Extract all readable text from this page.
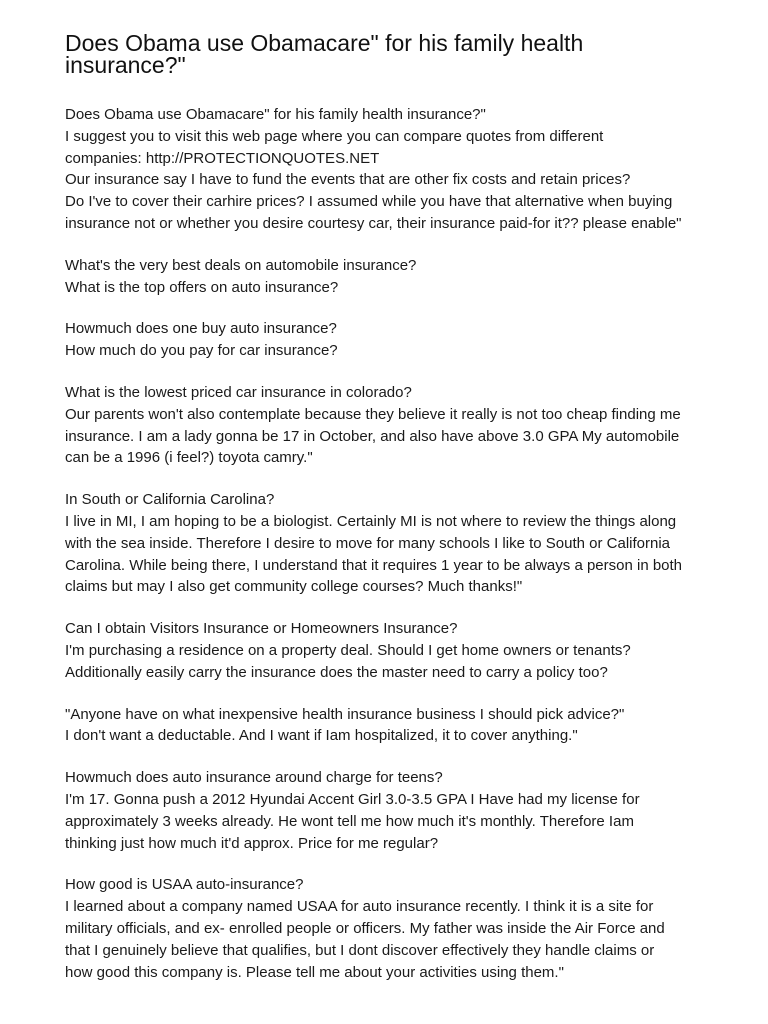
Does Obama use Obamacare" for his family health
insurance?"

Does Obama use Obamacare" for his family health insurance?"

I suggest you to visit this web page where you can compare quotes from different

companies: http://PROTECTIONQUOTES.NET

Our insurance say I have to fund the events that are other fix costs and retain prices?

Do I've to cover their carhire prices? I assumed while you have that alternative when buying

insurance not or whether you desire courtesy car, their insurance paid-for it?? please enable"

What's the very best deals on automobile insurance?

What is the top offers on auto insurance?

Howmuch does one buy auto insurance?

How much do you pay for car insurance?

What is the lowest priced car insurance in colorado?

Our parents won't also contemplate because they believe it really is not too cheap finding me

insurance. I am a lady gonna be 17 in October, and also have above 3.0 GPA My automobile

can be a 1996 (i feel?) toyota camry."

In South or California Carolina?

I live in MI, I am hoping to be a biologist. Certainly MI is not where to review the things along

with the sea inside. Therefore I desire to move for many schools I like to South or California

Carolina. While being there, I understand that it requires 1 year to be always a person in both

claims but may I also get community college courses? Much thanks!"

Can I obtain Visitors Insurance or Homeowners Insurance?

I'm purchasing a residence on a property deal. Should I get home owners or tenants?

Additionally easily carry the insurance does the master need to carry a policy too?

"Anyone have on what inexpensive health insurance business I should pick advice?"

I don't want a deductable. And I want if Iam hospitalized, it to cover anything."

Howmuch does auto insurance around charge for teens?

I'm 17. Gonna push a 2012 Hyundai Accent Girl 3.0-3.5 GPA I Have had my license for

approximately 3 weeks already. He wont tell me how much it's monthly. Therefore Iam

thinking just how much it'd approx. Price for me regular?

How good is USAA auto-insurance?

I learned about a company named USAA for auto insurance recently. I think it is a site for

military officials, and ex- enrolled people or officers. My father was inside the Air Force and

that I genuinely believe that qualifies, but I dont discover effectively they handle claims or

how good this company is. Please tell me about your activities using them."
